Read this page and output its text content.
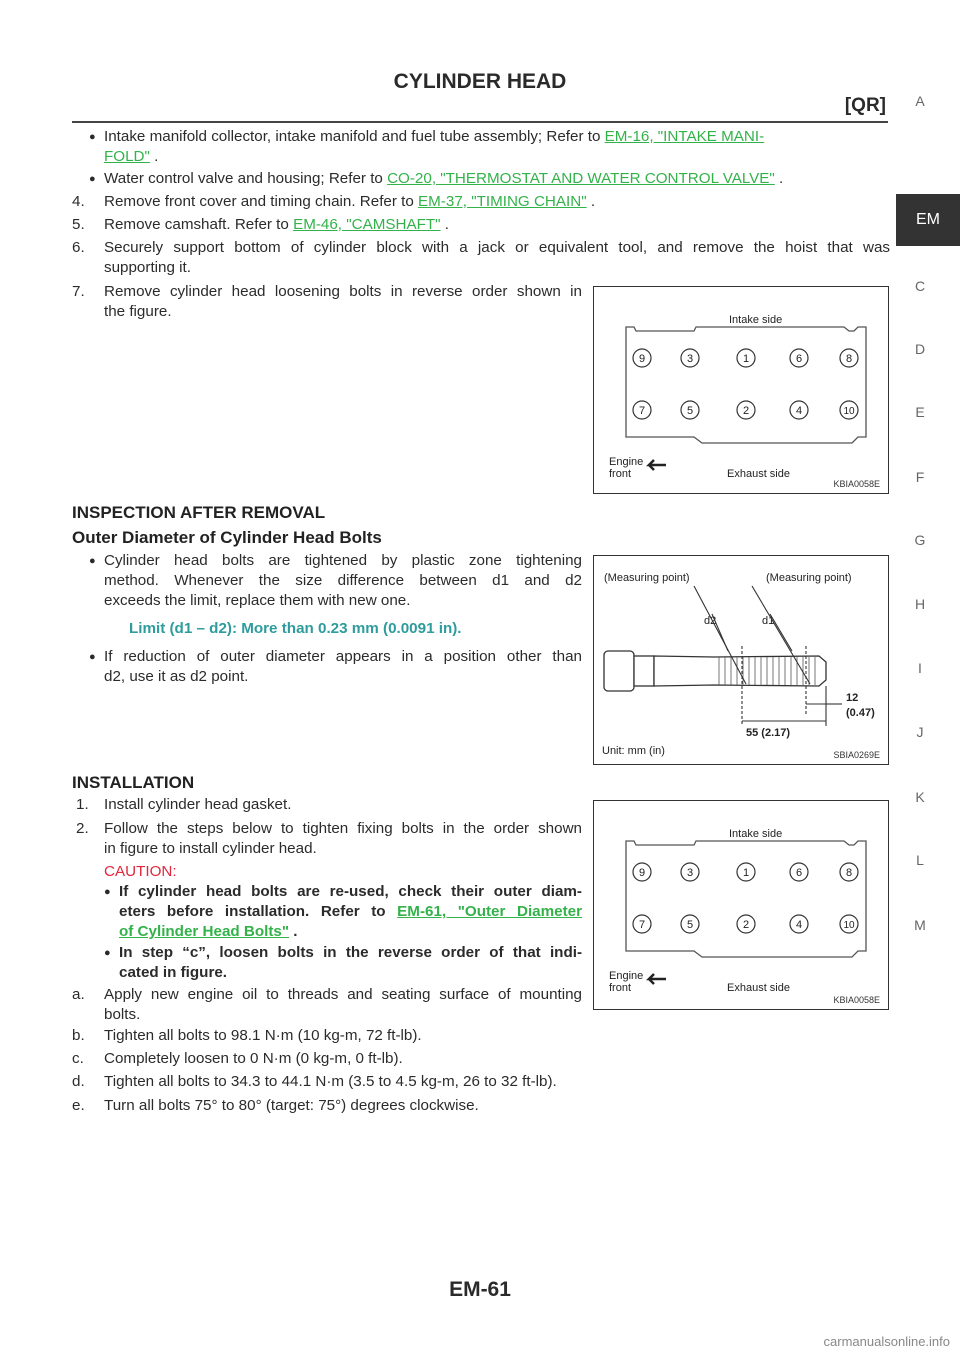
CYLINDER HEAD
[QR]	A
EM
C
D
E
F
G
H
I
J
K
L
M
● Intake manifold collector, intake manifold and fuel tube assembly; Refer to EM-16, "INTAKE MANI-
FOLD" .
● Water control valve and housing; Refer to CO-20, "THERMOSTAT AND WATER CONTROL VALVE" .
4. Remove front cover and timing chain. Refer to EM-37, "TIMING CHAIN" .
5. Remove camshaft. Refer to EM-46, "CAMSHAFT" .
6. Securely support bottom of cylinder block with a jack or equivalent tool, and remove the hoist that was
supporting it.
7. Remove cylinder head loosening bolts in reverse order shown in
the figure.	Intake side
Exhaust side
Engine
front
9	3	1	6	8
7	5	2	4	10
KBIA0058E
INSPECTION AFTER REMOVAL
Outer Diameter of Cylinder Head Bolts
● Cylinder head bolts are tightened by plastic zone tightening
method. Whenever the size difference between d1 and d2
exceeds the limit, replace them with new one.
Limit (d1 – d2): More than 0.23 mm (0.0091 in).
● If reduction of outer diameter appears in a position other than
d2, use it as d2 point.
(Measuring point)	(Measuring point)
d2	d1
12
(0.47)
55 (2.17)
Unit: mm (in)	SBIA0269E
INSTALLATION
1. Install cylinder head gasket.
2. Follow the steps below to tighten fixing bolts in the order shown
in figure to install cylinder head.
CAUTION:
● If cylinder head bolts are re-used, check their outer diam-
eters before installation. Refer to EM-61, "Outer Diameter
of Cylinder Head Bolts" .
● In step “c”, loosen bolts in the reverse order of that indi-
cated in figure.
a. Apply new engine oil to threads and seating surface of mounting
bolts.
b. Tighten all bolts to 98.1 N·m (10 kg-m, 72 ft-lb).
c. Completely loosen to 0 N·m (0 kg-m, 0 ft-lb).
d. Tighten all bolts to 34.3 to 44.1 N·m (3.5 to 4.5 kg-m, 26 to 32 ft-lb).
e. Turn all bolts 75° to 80° (target: 75°) degrees clockwise.
Intake side
Exhaust side
Engine
front
9	3	1	6	8
7	5	2	4	10
KBIA0058E
EM-61
carmanualsonline.info
